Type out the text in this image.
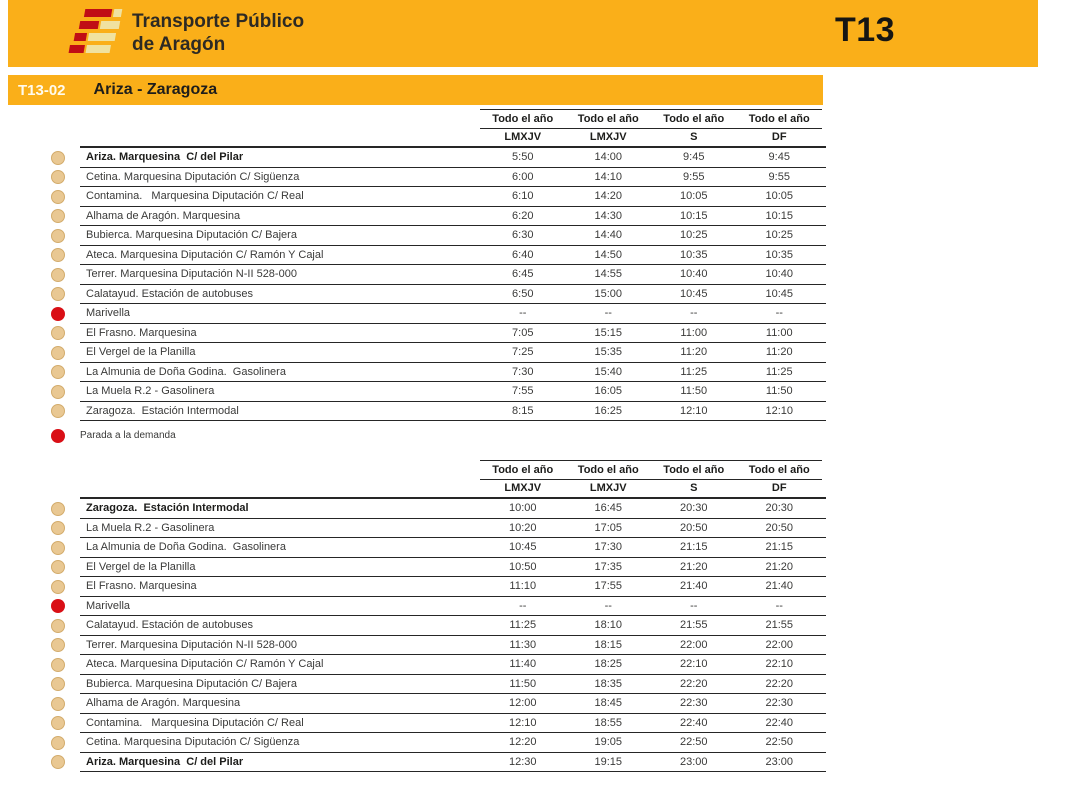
Transporte Público
de Aragón	T13
T13-02 Ariza - Zaragoza
Todo el año	Todo el año	Todo el año	Todo el año
LMXJV	LMXJV	S	DF
Ariza. Marquesina  C/ del Pilar	5:50	14:00	9:45	9:45
Cetina. Marquesina Diputación C/ Sigüenza	6:00	14:10	9:55	9:55
Contamina.   Marquesina Diputación C/ Real	6:10	14:20	10:05	10:05
Alhama de Aragón. Marquesina	6:20	14:30	10:15	10:15
Bubierca. Marquesina Diputación C/ Bajera	6:30	14:40	10:25	10:25
Ateca. Marquesina Diputación C/ Ramón Y Cajal	6:40	14:50	10:35	10:35
Terrer. Marquesina Diputación N-II 528-000	6:45	14:55	10:40	10:40
Calatayud. Estación de autobuses	6:50	15:00	10:45	10:45
Marivella	--	--	--	--
El Frasno. Marquesina	7:05	15:15	11:00	11:00
El Vergel de la Planilla	7:25	15:35	11:20	11:20
La Almunia de Doña Godina.  Gasolinera	7:30	15:40	11:25	11:25
La Muela R.2 - Gasolinera	7:55	16:05	11:50	11:50
Zaragoza.  Estación Intermodal	8:15	16:25	12:10	12:10
Parada a la demanda
Todo el año	Todo el año	Todo el año	Todo el año
LMXJV	LMXJV	S	DF
Zaragoza.  Estación Intermodal	10:00	16:45	20:30	20:30
La Muela R.2 - Gasolinera	10:20	17:05	20:50	20:50
La Almunia de Doña Godina.  Gasolinera	10:45	17:30	21:15	21:15
El Vergel de la Planilla	10:50	17:35	21:20	21:20
El Frasno. Marquesina	11:10	17:55	21:40	21:40
Marivella	--	--	--	--
Calatayud. Estación de autobuses	11:25	18:10	21:55	21:55
Terrer. Marquesina Diputación N-II 528-000	11:30	18:15	22:00	22:00
Ateca. Marquesina Diputación C/ Ramón Y Cajal	11:40	18:25	22:10	22:10
Bubierca. Marquesina Diputación C/ Bajera	11:50	18:35	22:20	22:20
Alhama de Aragón. Marquesina	12:00	18:45	22:30	22:30
Contamina.   Marquesina Diputación C/ Real	12:10	18:55	22:40	22:40
Cetina. Marquesina Diputación C/ Sigüenza	12:20	19:05	22:50	22:50
Ariza. Marquesina  C/ del Pilar	12:30	19:15	23:00	23:00
